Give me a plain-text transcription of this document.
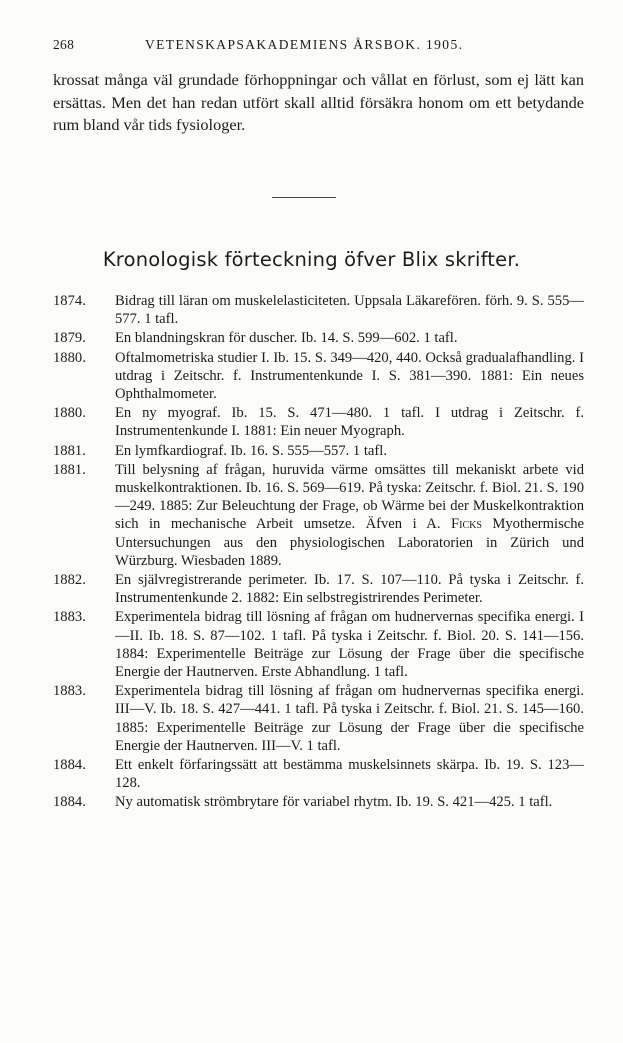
268	VETENSKAPSAKADEMIENS ÅRSBOK. 1905.

krossat många väl grundade förhoppningar och vållat en förlust, som ej lätt kan ersättas. Men det han redan utfört skall alltid försäkra honom om ett betydande rum bland vår tids fysiologer.

Kronologisk förteckning öfver Blix skrifter.
1874.	Bidrag till läran om muskelelasticiteten. Uppsala Läkarefören. förh. 9. S. 555—577. 1 tafl.
1879.	En blandningskran för duscher. Ib. 14. S. 599—602. 1 tafl.
1880.	Oftalmometriska studier I. Ib. 15. S. 349—420, 440. Också gradualafhandling. I utdrag i Zeitschr. f. Instrumentenkunde I. S. 381—390. 1881: Ein neues Ophthalmometer.
1880.	En ny myograf. Ib. 15. S. 471—480. 1 tafl. I utdrag i Zeitschr. f. Instrumentenkunde I. 1881: Ein neuer Myograph.
1881.	En lymfkardiograf. Ib. 16. S. 555—557. 1 tafl.
1881.	Till belysning af frågan, huruvida värme omsättes till mekaniskt arbete vid muskelkontraktionen. Ib. 16. S. 569—619. På tyska: Zeitschr. f. Biol. 21. S. 190—249. 1885: Zur Beleuchtung der Frage, ob Wärme bei der Muskelkontraktion sich in mechanische Arbeit umsetze. Äfven i A. Ficks Myothermische Untersuchungen aus den physiologischen Laboratorien in Zürich und Würzburg. Wiesbaden 1889.
1882.	En självregistrerande perimeter. Ib. 17. S. 107—110. På tyska i Zeitschr. f. Instrumentenkunde 2. 1882: Ein selbstregistrirendes Perimeter.
1883.	Experimentela bidrag till lösning af frågan om hudnervernas specifika energi. I—II. Ib. 18. S. 87—102. 1 tafl. På tyska i Zeitschr. f. Biol. 20. S. 141—156. 1884: Experimentelle Beiträge zur Lösung der Frage über die specifische Energie der Hautnerven. Erste Abhandlung. 1 tafl.
1883.	Experimentela bidrag till lösning af frågan om hudnervernas specifika energi. III—V. Ib. 18. S. 427—441. 1 tafl. På tyska i Zeitschr. f. Biol. 21. S. 145—160. 1885: Experimentelle Beiträge zur Lösung der Frage über die specifische Energie der Hautnerven. III—V. 1 tafl.
1884.	Ett enkelt förfaringssätt att bestämma muskelsinnets skärpa. Ib. 19. S. 123—128.
1884.	Ny automatisk strömbrytare för variabel rhytm. Ib. 19. S. 421—425. 1 tafl.
